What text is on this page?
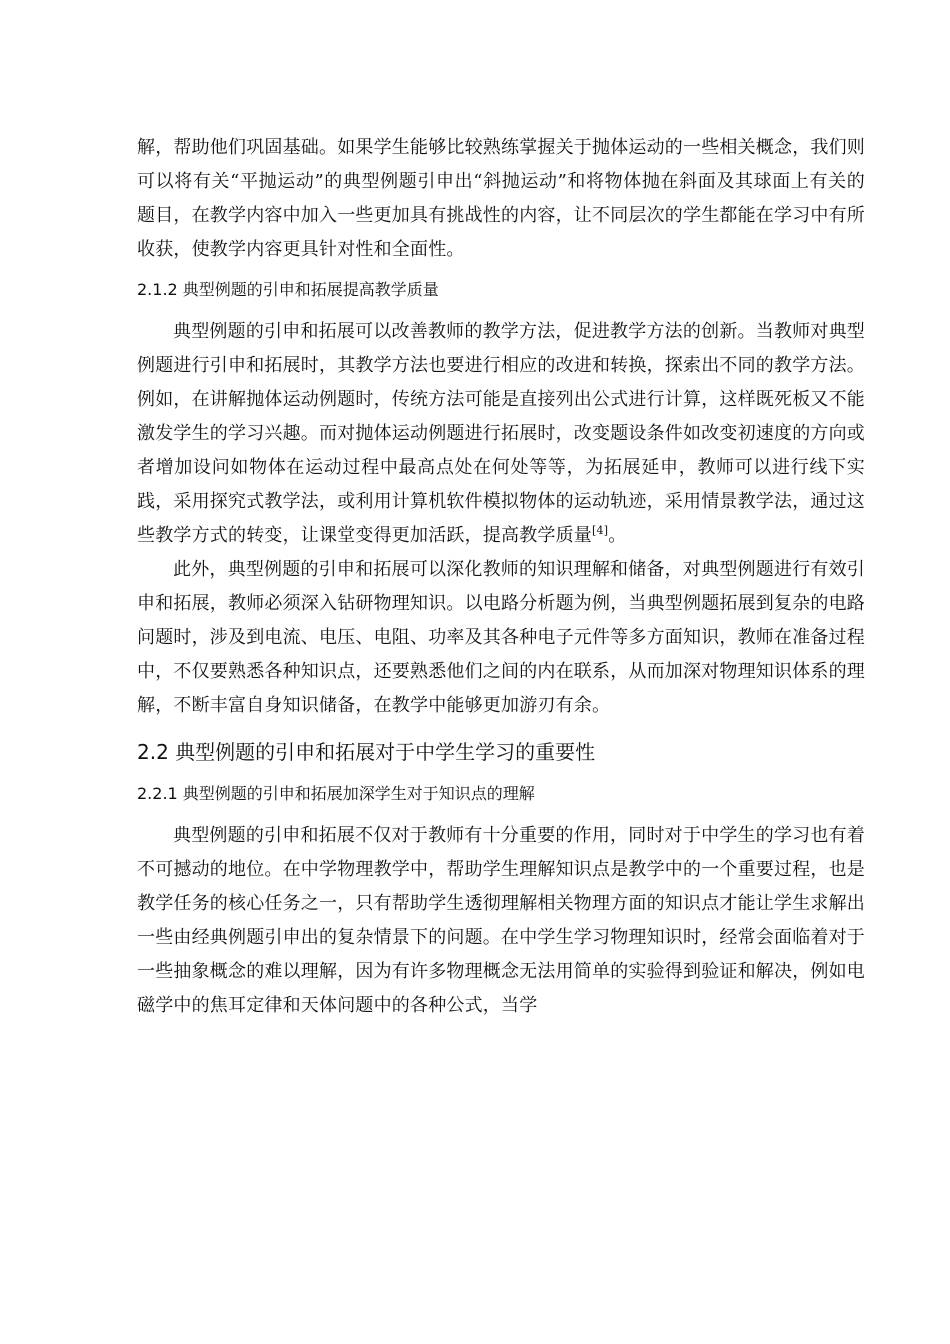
解，帮助他们巩固基础。如果学生能够比较熟练掌握关于抛体运动的一些相关概念，我们则可以将有关“平抛运动”的典型例题引申出“斜抛运动”和将物体抛在斜面及其球面上有关的题目，在教学内容中加入一些更加具有挑战性的内容，让不同层次的学生都能在学习中有所收获，使教学内容更具针对性和全面性。

2.1.2 典型例题的引申和拓展提高教学质量

典型例题的引申和拓展可以改善教师的教学方法，促进教学方法的创新。当教师对典型例题进行引申和拓展时，其教学方法也要进行相应的改进和转换，探索出不同的教学方法。例如，在讲解抛体运动例题时，传统方法可能是直接列出公式进行计算，这样既死板又不能激发学生的学习兴趣。而对抛体运动例题进行拓展时，改变题设条件如改变初速度的方向或者增加设问如物体在运动过程中最高点处在何处等等，为拓展延申，教师可以进行线下实践，采用探究式教学法，或利用计算机软件模拟物体的运动轨迹，采用情景教学法，通过这些教学方式的转变，让课堂变得更加活跃，提高教学质量[4]。

此外，典型例题的引申和拓展可以深化教师的知识理解和储备，对典型例题进行有效引申和拓展，教师必须深入钻研物理知识。以电路分析题为例，当典型例题拓展到复杂的电路问题时，涉及到电流、电压、电阻、功率及其各种电子元件等多方面知识，教师在准备过程中，不仅要熟悉各种知识点，还要熟悉他们之间的内在联系，从而加深对物理知识体系的理解，不断丰富自身知识储备，在教学中能够更加游刃有余。

2.2 典型例题的引申和拓展对于中学生学习的重要性
2.2.1 典型例题的引申和拓展加深学生对于知识点的理解

典型例题的引申和拓展不仅对于教师有十分重要的作用，同时对于中学生的学习也有着不可撼动的地位。在中学物理教学中，帮助学生理解知识点是教学中的一个重要过程，也是教学任务的核心任务之一，只有帮助学生透彻理解相关物理方面的知识点才能让学生求解出一些由经典例题引申出的复杂情景下的问题。在中学生学习物理知识时，经常会面临着对于一些抽象概念的难以理解，因为有许多物理概念无法用简单的实验得到验证和解决，例如电磁学中的焦耳定律和天体问题中的各种公式，当学
